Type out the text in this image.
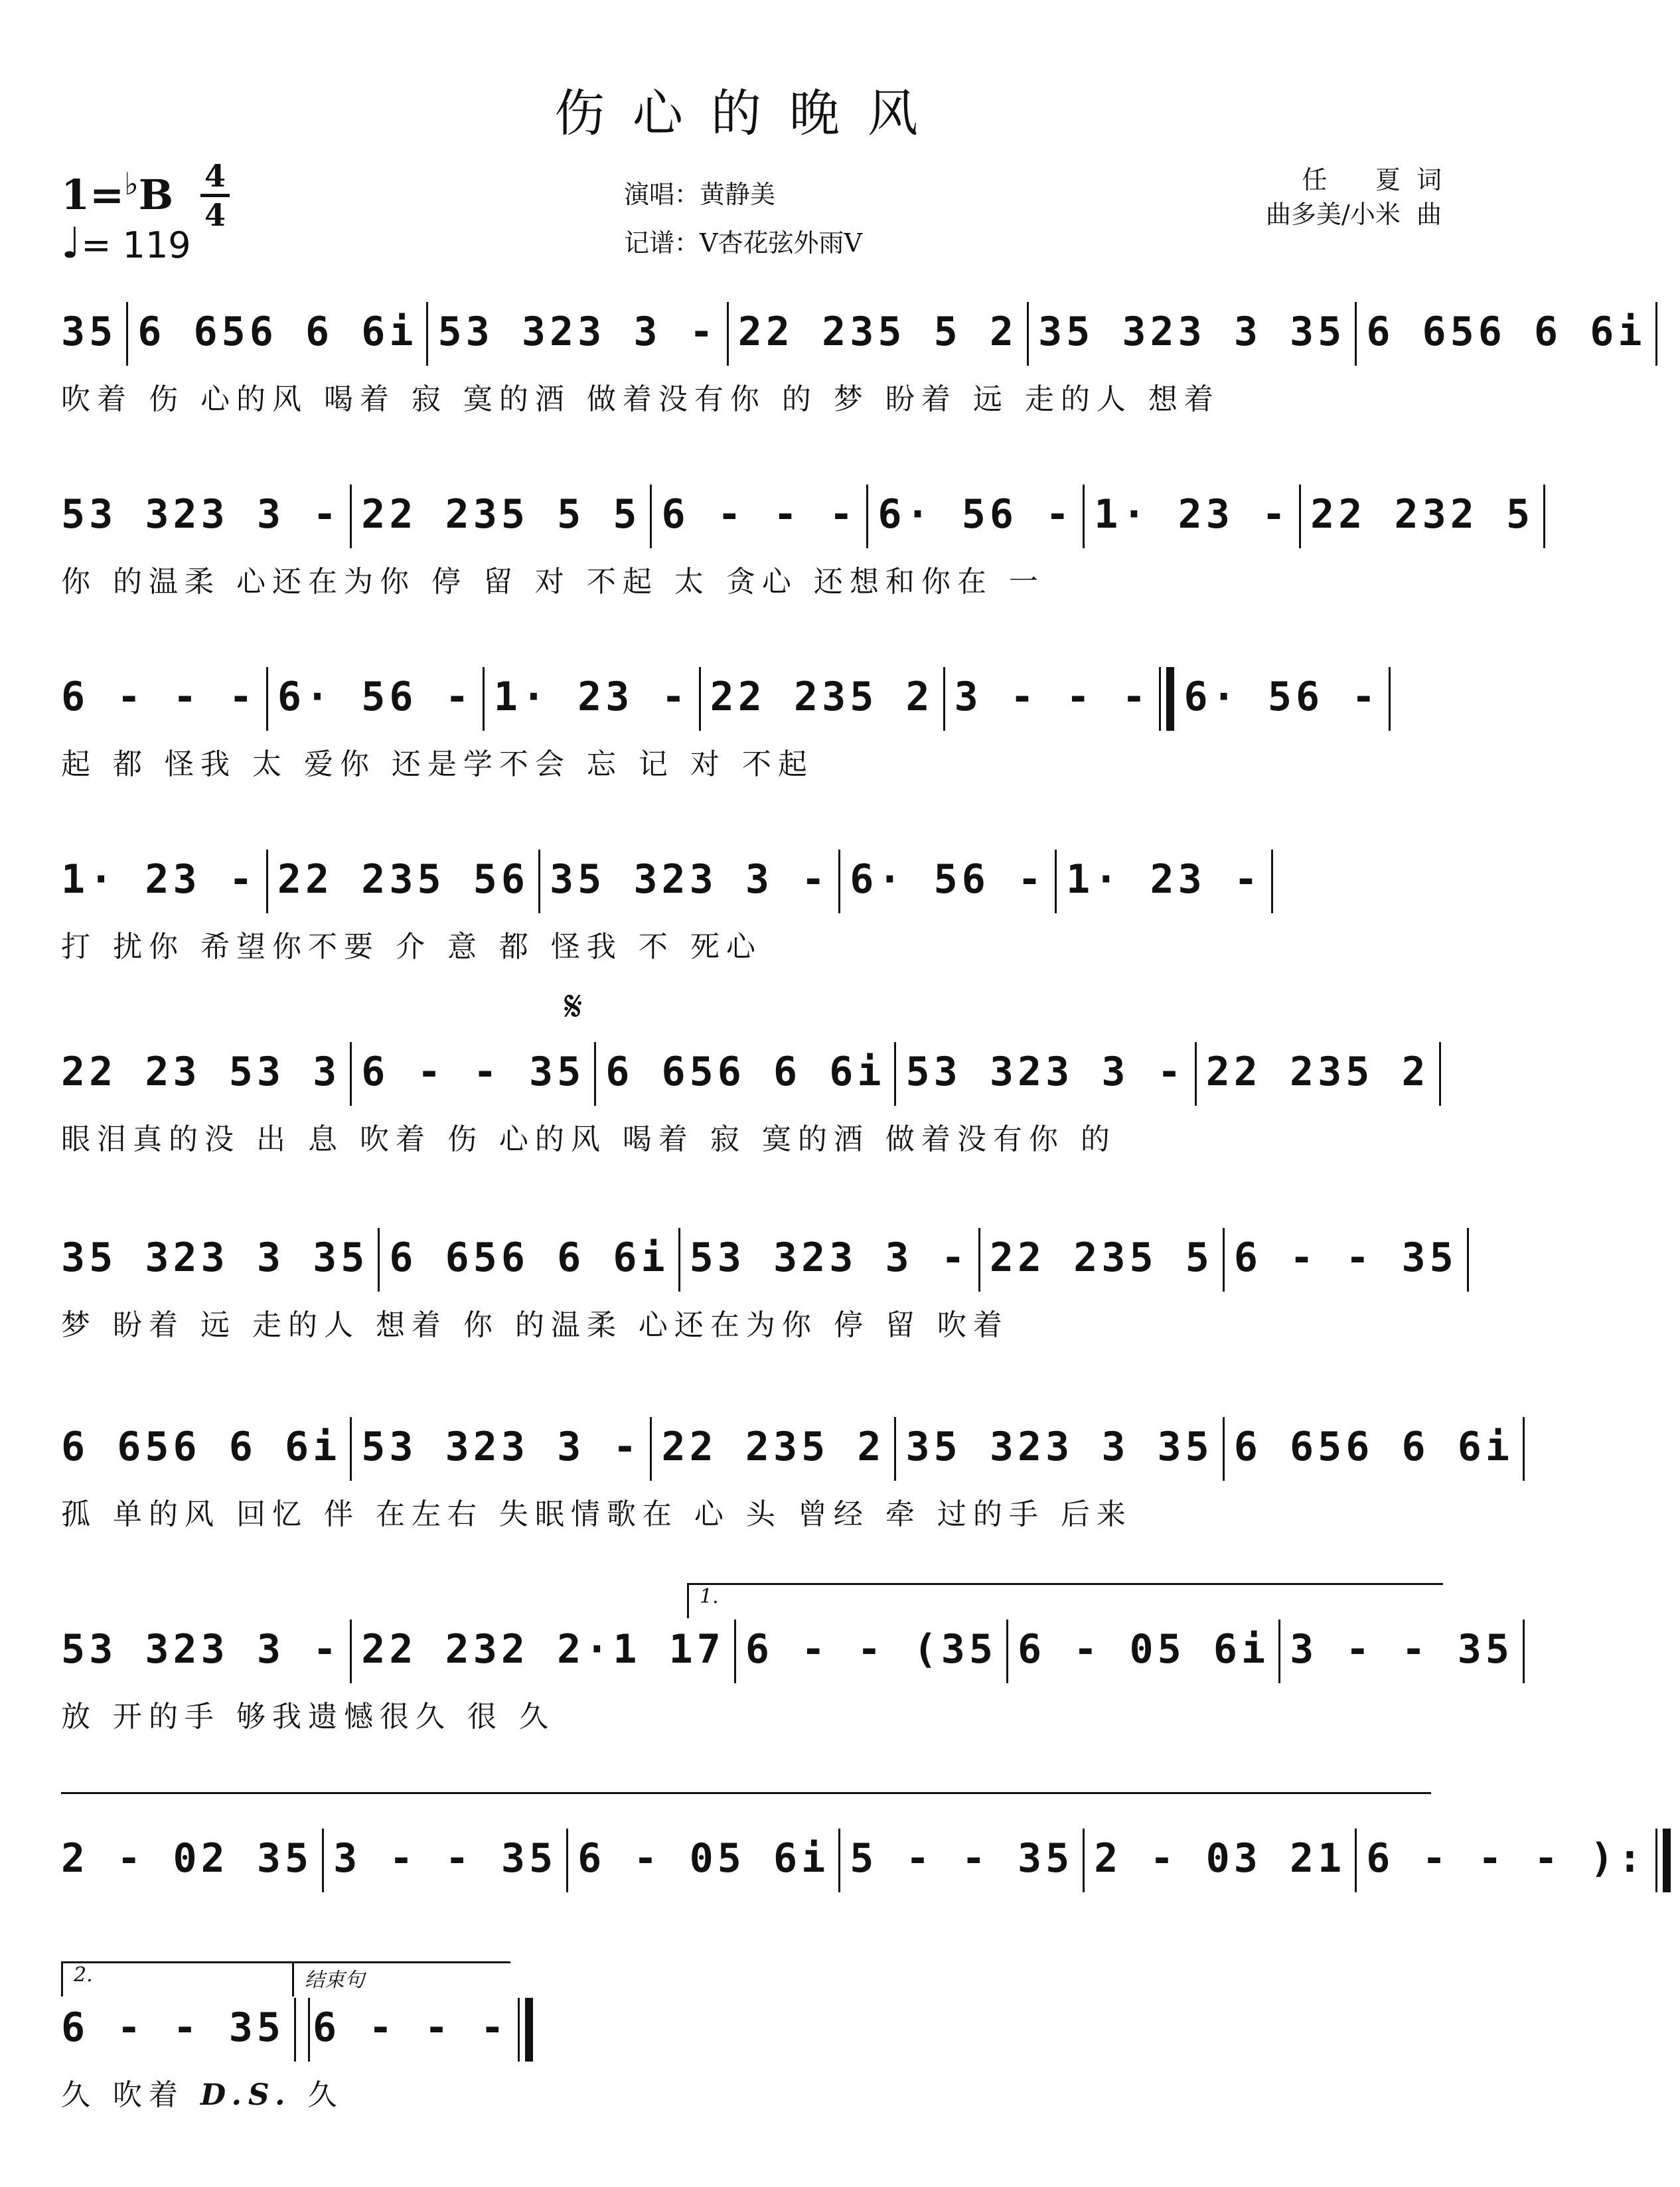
伤心的晚风
1=♭B 4
4
♩= 119
演唱：黄静美
记谱：V杏花弦外雨V
任      夏  词
曲多美/小米  曲
35 6 656 6 6i 53 323 3 - 22 235 5 2 35 323 3 35 6 656 6 6i
吹着 伤 心的风 喝着 寂 寞的酒 做着没有你 的 梦 盼着 远 走的人 想着
53 323 3 - 22 235 5 5 6 - - - 6· 56 - 1· 23 - 22 232 5
你 的温柔 心还在为你 停 留 对 不起 太 贪心 还想和你在 一
6 - - - 6· 56 - 1· 23 - 22 235 2 3 - - - 6· 56 -
起 都 怪我 太 爱你 还是学不会 忘 记 对 不起
1· 23 - 22 235 56 35 323 3 - 6· 56 - 1· 23 -
打 扰你 希望你不要 介 意 都 怪我 不 死心
𝄋
22 23 53 3 6 - - 35 6 656 6 6i 53 323 3 - 22 235 2
眼泪真的没 出 息 吹着 伤 心的风 喝着 寂 寞的酒 做着没有你 的
35 323 3 35 6 656 6 6i 53 323 3 - 22 235 5 6 - - 35
梦 盼着 远 走的人 想着 你 的温柔 心还在为你 停 留 吹着
6 656 6 6i 53 323 3 - 22 235 2 35 323 3 35 6 656 6 6i
孤 单的风 回忆 伴 在左右 失眠情歌在 心 头 曾经 牵 过的手 后来
1.
53 323 3 - 22 232 2·1 17 6 - - (35 6 - 05 6i 3 - - 35
放 开的手 够我遗憾很久 很 久
2 - 02 35 3 - - 35 6 - 05 6i 5 - - 35 2 - 03 21 6 - - - ):
2.	结束句
6 - - 35 6 - - -
久 吹着 D.S. 久
